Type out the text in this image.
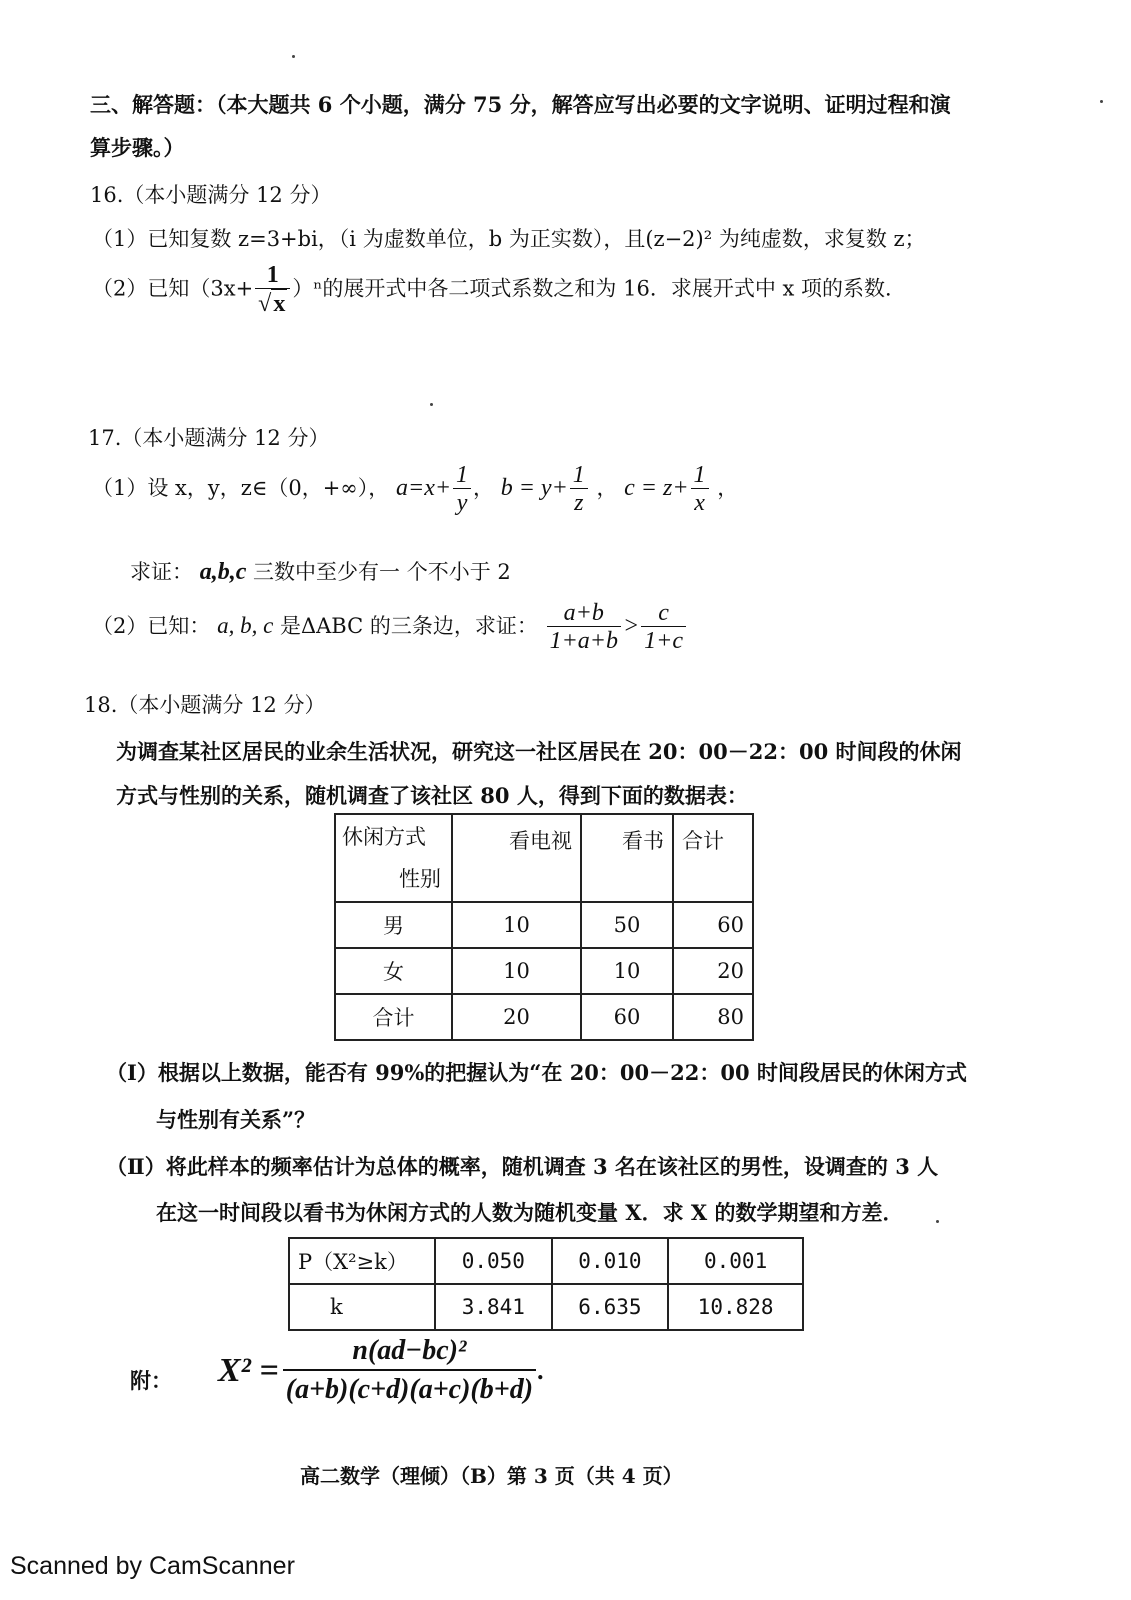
三、解答题：（本大题共 6 个小题，满分 75 分，解答应写出必要的文字说明、证明过程和演
算步骤。）
16.（本小题满分 12 分）
（1）已知复数 z=3+bi，（i 为虚数单位，b 为正实数），且(z−2)² 为纯虚数，求复数 z；
（2）已知$(3x+ \frac{1}{√x} )^n$的展开式中各二项式系数之和为 16．求展开式中 x 项的系数．
17.（本小题满分 12 分）
（1）设 x，y，z∈（0，+∞）， $a=x+ \frac{1}{y}$ ， $b = y+ \frac{1}{z}$ ， $c = z+ \frac{1}{x}$ ，
求证： a,b,c 三数中至少有一 个不小于 2
（2）已知： a, b, c 是ΔABC 的三条边，求证： $\frac{a+b}{1+a+b} > \frac{c}{1+c}$
18.（本小题满分 12 分）
为调查某社区居民的业余生活状况，研究这一社区居民在 20：00－22：00 时间段的休闲
方式与性别的关系，随机调查了该社区 80 人，得到下面的数据表：
休闲方式
性别	看电视	看书	合计
男	10	50	60
女	10	10	20
合计	20	60	80
（Ⅰ）根据以上数据，能否有 99%的把握认为“在 20：00－22：00 时间段居民的休闲方式
与性别有关系”？
（Ⅱ）将此样本的频率估计为总体的概率，随机调查 3 名在该社区的男性，设调查的 3 人
在这一时间段以看书为休闲方式的人数为随机变量 X．求 X 的数学期望和方差．
P（X²≥k）	0.050	0.010	0.001
k	3.841	6.635	10.828
附： $X^2 = \frac{\text{n(ad−bc)²}}{(a+b)(c+d)(a+c)(b+d)}$ .
高二数学（理倾）（B）第 3 页（共 4 页）
Scanned by CamScanner
